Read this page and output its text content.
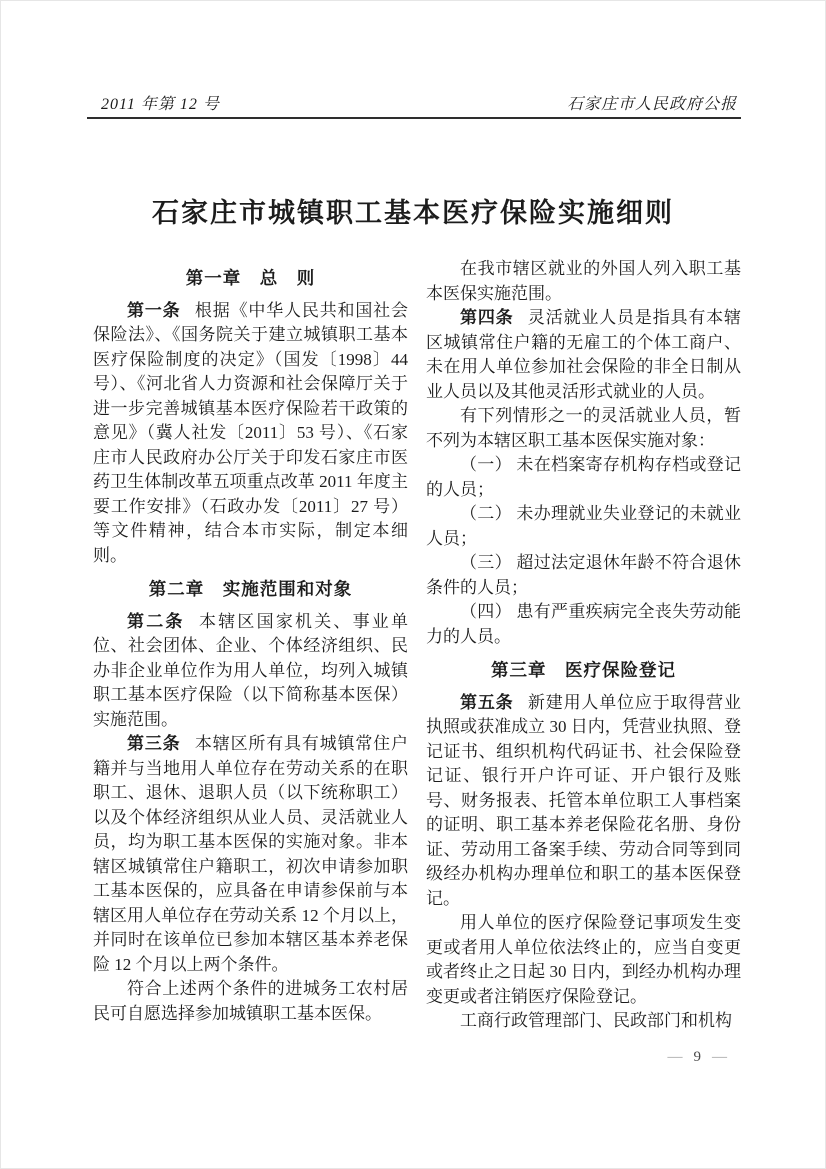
2011 年第 12 号	石家庄市人民政府公报
石家庄市城镇职工基本医疗保险实施细则
第一章　总　则

第一条 根据《中华人民共和国社会保险法》、《国务院关于建立城镇职工基本医疗保险制度的决定》（国发〔1998〕44 号）、《河北省人力资源和社会保障厅关于进一步完善城镇基本医疗保险若干政策的意见》（冀人社发〔2011〕53 号）、《石家庄市人民政府办公厅关于印发石家庄市医药卫生体制改革五项重点改革 2011 年度主要工作安排》（石政办发〔2011〕27 号）等文件精神，结合本市实际，制定本细则。

第二章　实施范围和对象

第二条 本辖区国家机关、事业单位、社会团体、企业、个体经济组织、民办非企业单位作为用人单位，均列入城镇职工基本医疗保险（以下简称基本医保）实施范围。

第三条 本辖区所有具有城镇常住户籍并与当地用人单位存在劳动关系的在职职工、退休、退职人员（以下统称职工）以及个体经济组织从业人员、灵活就业人员，均为职工基本医保的实施对象。非本辖区城镇常住户籍职工，初次申请参加职工基本医保的，应具备在申请参保前与本辖区用人单位存在劳动关系 12 个月以上，并同时在该单位已参加本辖区基本养老保险 12 个月以上两个条件。

符合上述两个条件的进城务工农村居民可自愿选择参加城镇职工基本医保。

在我市辖区就业的外国人列入职工基本医保实施范围。

第四条 灵活就业人员是指具有本辖区城镇常住户籍的无雇工的个体工商户、未在用人单位参加社会保险的非全日制从业人员以及其他灵活形式就业的人员。

有下列情形之一的灵活就业人员，暂不列为本辖区职工基本医保实施对象：

（一） 未在档案寄存机构存档或登记的人员；

（二） 未办理就业失业登记的未就业人员；

（三） 超过法定退休年龄不符合退休条件的人员；

（四） 患有严重疾病完全丧失劳动能力的人员。

第三章　医疗保险登记

第五条 新建用人单位应于取得营业执照或获准成立 30 日内，凭营业执照、登记证书、组织机构代码证书、社会保险登记证、银行开户许可证、开户银行及账号、财务报表、托管本单位职工人事档案的证明、职工基本养老保险花名册、身份证、劳动用工备案手续、劳动合同等到同级经办机构办理单位和职工的基本医保登记。

用人单位的医疗保险登记事项发生变更或者用人单位依法终止的，应当自变更或者终止之日起 30 日内，到经办机构办理变更或者注销医疗保险登记。

工商行政管理部门、民政部门和机构

— 9 —
